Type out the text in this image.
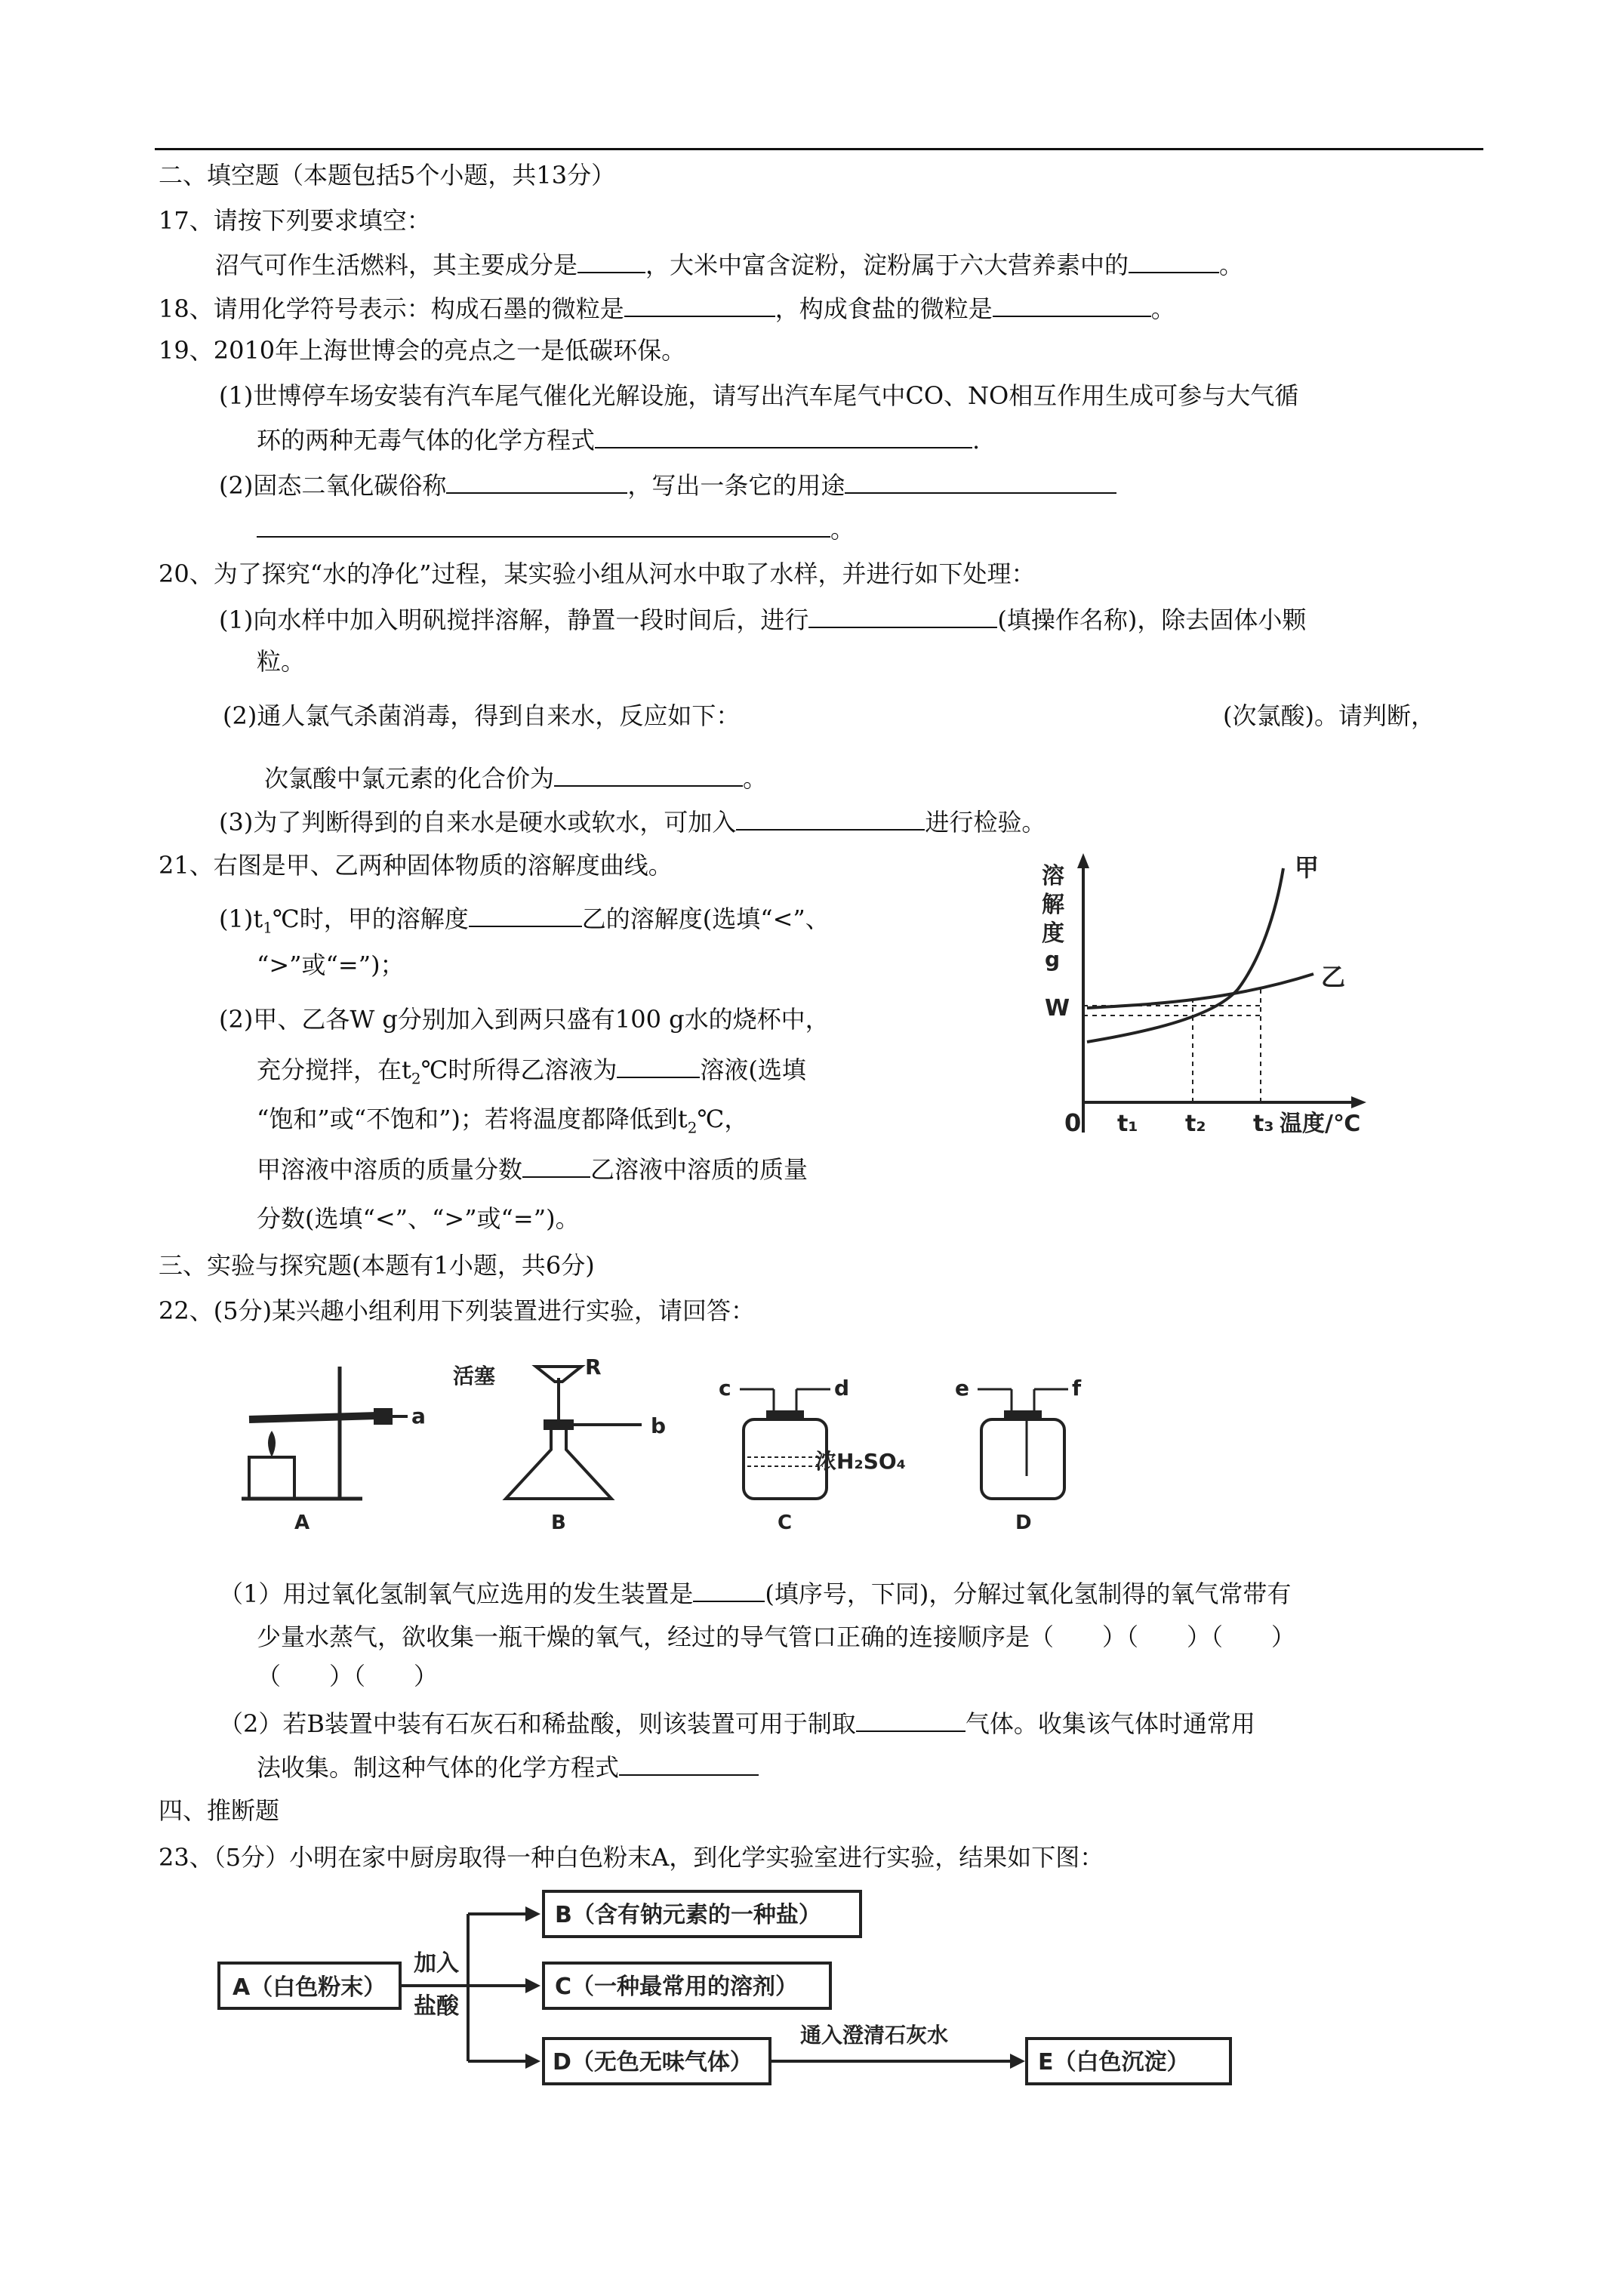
二、填空题（本题包括5个小题，共13分）
17、请按下列要求填空：
沼气可作生活燃料，其主要成分是	，大米中富含淀粉，淀粉属于六大营养素中的	。
18、请用化学符号表示：构成石墨的微粒是	，构成食盐的微粒是	。
19、2010年上海世博会的亮点之一是低碳环保。
(1)世博停车场安装有汽车尾气催化光解设施，请写出汽车尾气中CO、NO相互作用生成可参与大气循
环的两种无毒气体的化学方程式	.
(2)固态二氧化碳俗称	，写出一条它的用途
。
20、为了探究“水的净化”过程，某实验小组从河水中取了水样，并进行如下处理：
(1)向水样中加入明矾搅拌溶解，静置一段时间后，进行	(填操作名称)，除去固体小颗
粒。
(2)通人氯气杀菌消毒，得到自来水，反应如下：	(次氯酸)。请判断，
次氯酸中氯元素的化合价为	。
(3)为了判断得到的自来水是硬水或软水，可加入	进行检验。
21、右图是甲、乙两种固体物质的溶解度曲线。
$(1)t_1℃$时，甲的溶解度	乙的溶解度(选填“<”、
“>”或“=”)；
(2)甲、乙各W g分别加入到两只盛有100 g水的烧杯中，
充分搅拌，在$t_2℃$时所得乙溶液为	溶液(选填
“饱和”或“不饱和”)；若将温度都降低到$t_2℃$，
甲溶液中溶质的质量分数	乙溶液中溶质的质量
分数(选填“<”、“>”或“=”)。
溶
解
度
g
W
0 t₁ t₂ t₃ 温度/℃
甲
乙
三、实验与探究题(本题有1小题，共6分)
22、(5分)某兴趣小组利用下列装置进行实验，请回答：
a
A
活塞	R
b
B
c	d
浓H₂SO₄
C
e	f
D
（1）用过氧化氢制氧气应选用的发生装置是	(填序号，下同)，分解过氧化氢制得的氧气常带有
少量水蒸气，欲收集一瓶干燥的氧气，经过的导气管口正确的连接顺序是（　　）（　　）（　　）
（　　）（　　）
（2）若B装置中装有石灰石和稀盐酸，则该装置可用于制取	气体。收集该气体时通常用
法收集。制这种气体的化学方程式
四、推断题
23、（5分）小明在家中厨房取得一种白色粉末A，到化学实验室进行实验，结果如下图：
A（白色粉末）
加入
盐酸
B（含有钠元素的一种盐）
C（一种最常用的溶剂）
D（无色无味气体）
通入澄清石灰水
E（白色沉淀）
